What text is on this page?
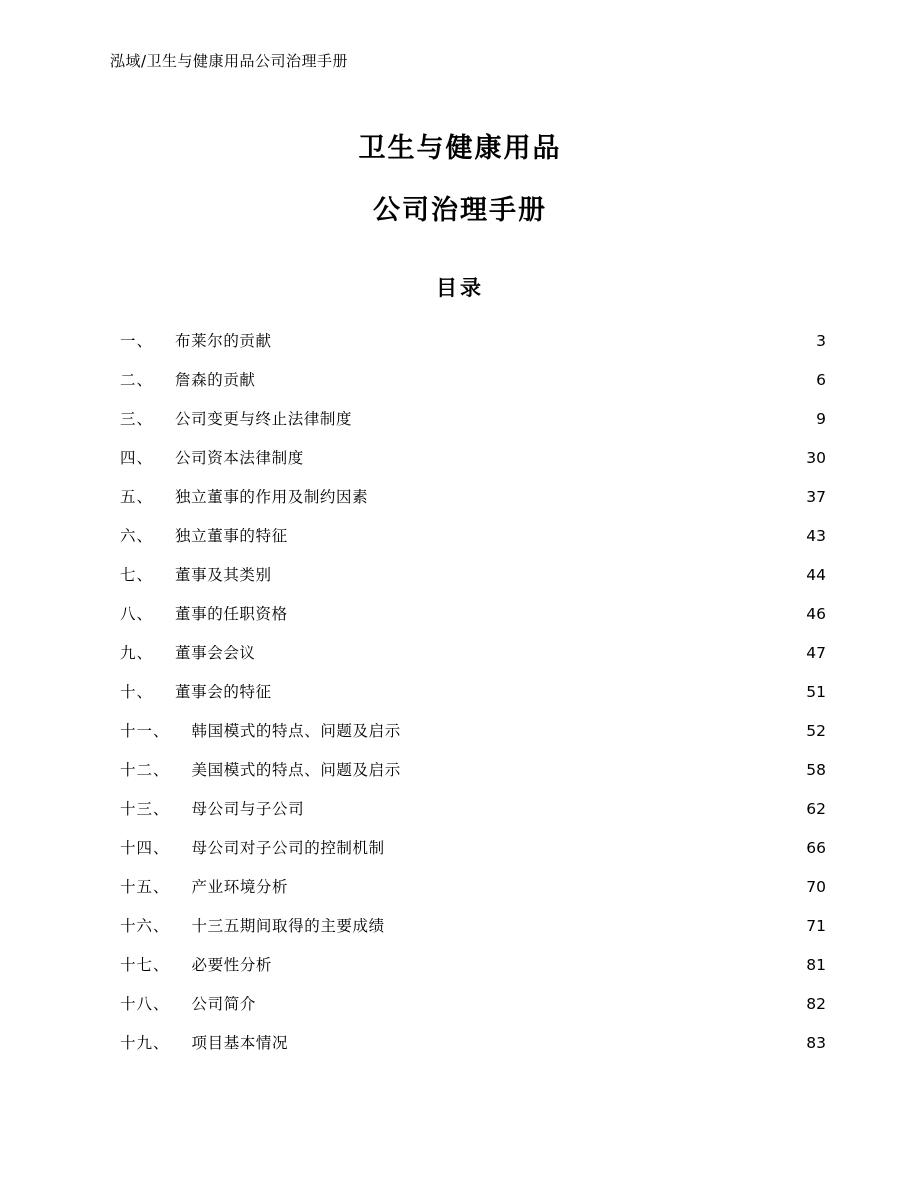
泓域/卫生与健康用品公司治理手册
卫生与健康用品
公司治理手册
目录
一、 布莱尔的贡献 .....	3
二、 詹森的贡献 .....	6
三、 公司变更与终止法律制度 .....	9
四、 公司资本法律制度 .....	30
五、 独立董事的作用及制约因素 .....	37
六、 独立董事的特征 .....	43
七、 董事及其类别 .....	44
八、 董事的任职资格 .....	46
九、 董事会会议 .....	47
十、 董事会的特征 .....	51
十一、 韩国模式的特点、问题及启示 .....	52
十二、 美国模式的特点、问题及启示 .....	58
十三、 母公司与子公司 .....	62
十四、 母公司对子公司的控制机制 .....	66
十五、 产业环境分析 .....	70
十六、 十三五期间取得的主要成绩 .....	71
十七、 必要性分析 .....	81
十八、 公司简介 .....	82
十九、 项目基本情况 .....	83
